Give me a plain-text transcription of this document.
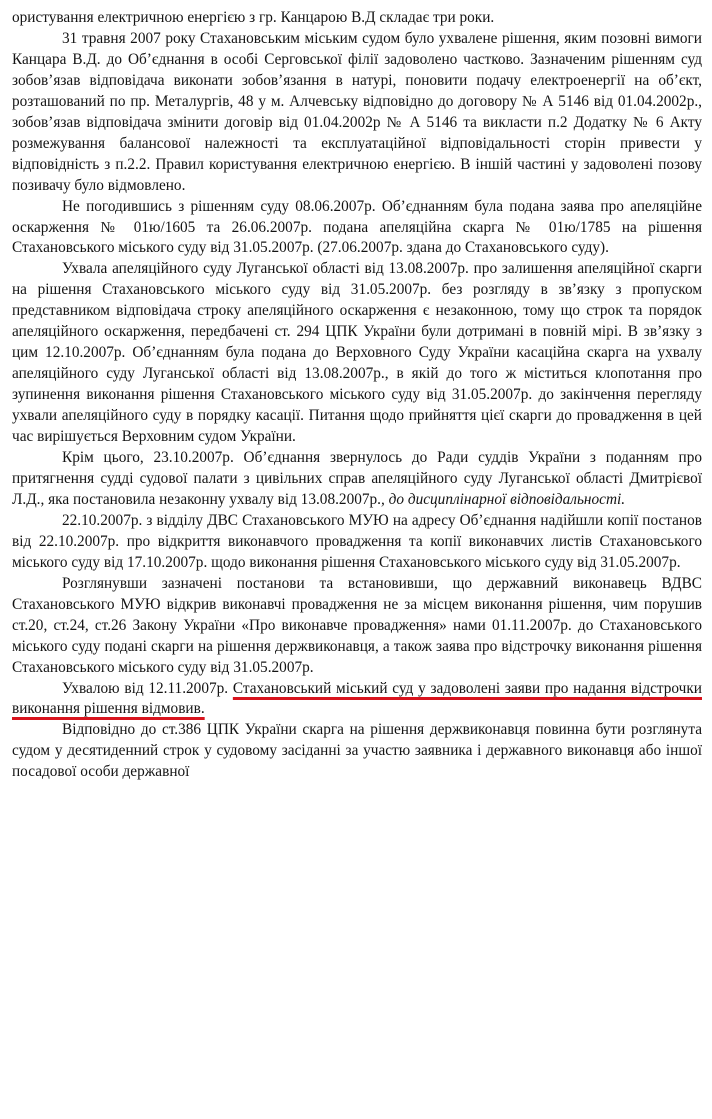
ористування електричною енергією з гр. Канцарою В.Д складає три роки.

31 травня 2007 року Стахановським міським судом було ухвалене рішення, яким позовні вимоги Канцара В.Д. до Об’єднання в особі Серговської філії задоволено частково. Зазначеним рішенням суд зобов’язав відповідача виконати зобов’язання в натурі, поновити подачу електроенергії на об’єкт, розташований по пр. Металургів, 48 у м. Алчевську відповідно до договору № А 5146 від 01.04.2002р., зобов’язав відповідача змінити договір від 01.04.2002р № А 5146 та викласти п.2 Додатку № 6 Акту розмежування балансової належності та експлуатаційної відповідальності сторін привести у відповідність з п.2.2. Правил користування електричною енергією. В іншій частині у задоволені позову позивачу було відмовлено.

Не погодившись з рішенням суду 08.06.2007р. Об’єднанням була подана заява про апеляційне оскарження № 01ю/1605 та 26.06.2007р. подана апеляційна скарга № 01ю/1785 на рішення Стахановського міського суду від 31.05.2007р. (27.06.2007р. здана до Стахановського суду).

Ухвала апеляційного суду Луганської області від 13.08.2007р. про залишення апеляційної скарги на рішення Стахановського міського суду від 31.05.2007р. без розгляду в зв’язку з пропуском представником відповідача строку апеляційного оскарження є незаконною, тому що строк та порядок апеляційного оскарження, передбачені ст. 294 ЦПК України були дотримані в повній мірі. В зв’язку з цим 12.10.2007р. Об’єднанням була подана до Верховного Суду України касаційна скарга на ухвалу апеляційного суду Луганської області від 13.08.2007р., в якій до того ж міститься клопотання про зупинення виконання рішення Стахановського міського суду від 31.05.2007р. до закінчення перегляду ухвали апеляційного суду в порядку касації. Питання щодо прийняття цієї скарги до провадження в цей час вирішується Верховним судом України.

Крім цього, 23.10.2007р. Об’єднання звернулось до Ради суддів України з поданням про притягнення судді судової палати з цивільних справ апеляційного суду Луганської області Дмитрієвої Л.Д., яка постановила незаконну ухвалу від 13.08.2007р., до дисциплінарної відповідальності.

22.10.2007р. з відділу ДВС Стахановського МУЮ на адресу Об’єднання надійшли копії постанов від 22.10.2007р. про відкриття виконавчого провадження та копії виконавчих листів Стахановського міського суду від 17.10.2007р. щодо виконання рішення Стахановського міського суду від 31.05.2007р.

Розглянувши зазначені постанови та встановивши, що державний виконавець ВДВС Стахановського МУЮ відкрив виконавчі провадження не за місцем виконання рішення, чим порушив ст.20, ст.24, ст.26 Закону України «Про виконавче провадження» нами 01.11.2007р. до Стахановського міського суду подані скарги на рішення держвиконавця, а також заява про відстрочку виконання рішення Стахановського міського суду від 31.05.2007р.

Ухвалою від 12.11.2007р. Стахановський міський суд у задоволені заяви про надання відстрочки виконання рішення відмовив.

Відповідно до ст.386 ЦПК України скарга на рішення держвиконавця повинна бути розглянута судом у десятиденний строк у судовому засіданні за участю заявника і державного виконавця або іншої посадової особи державної
